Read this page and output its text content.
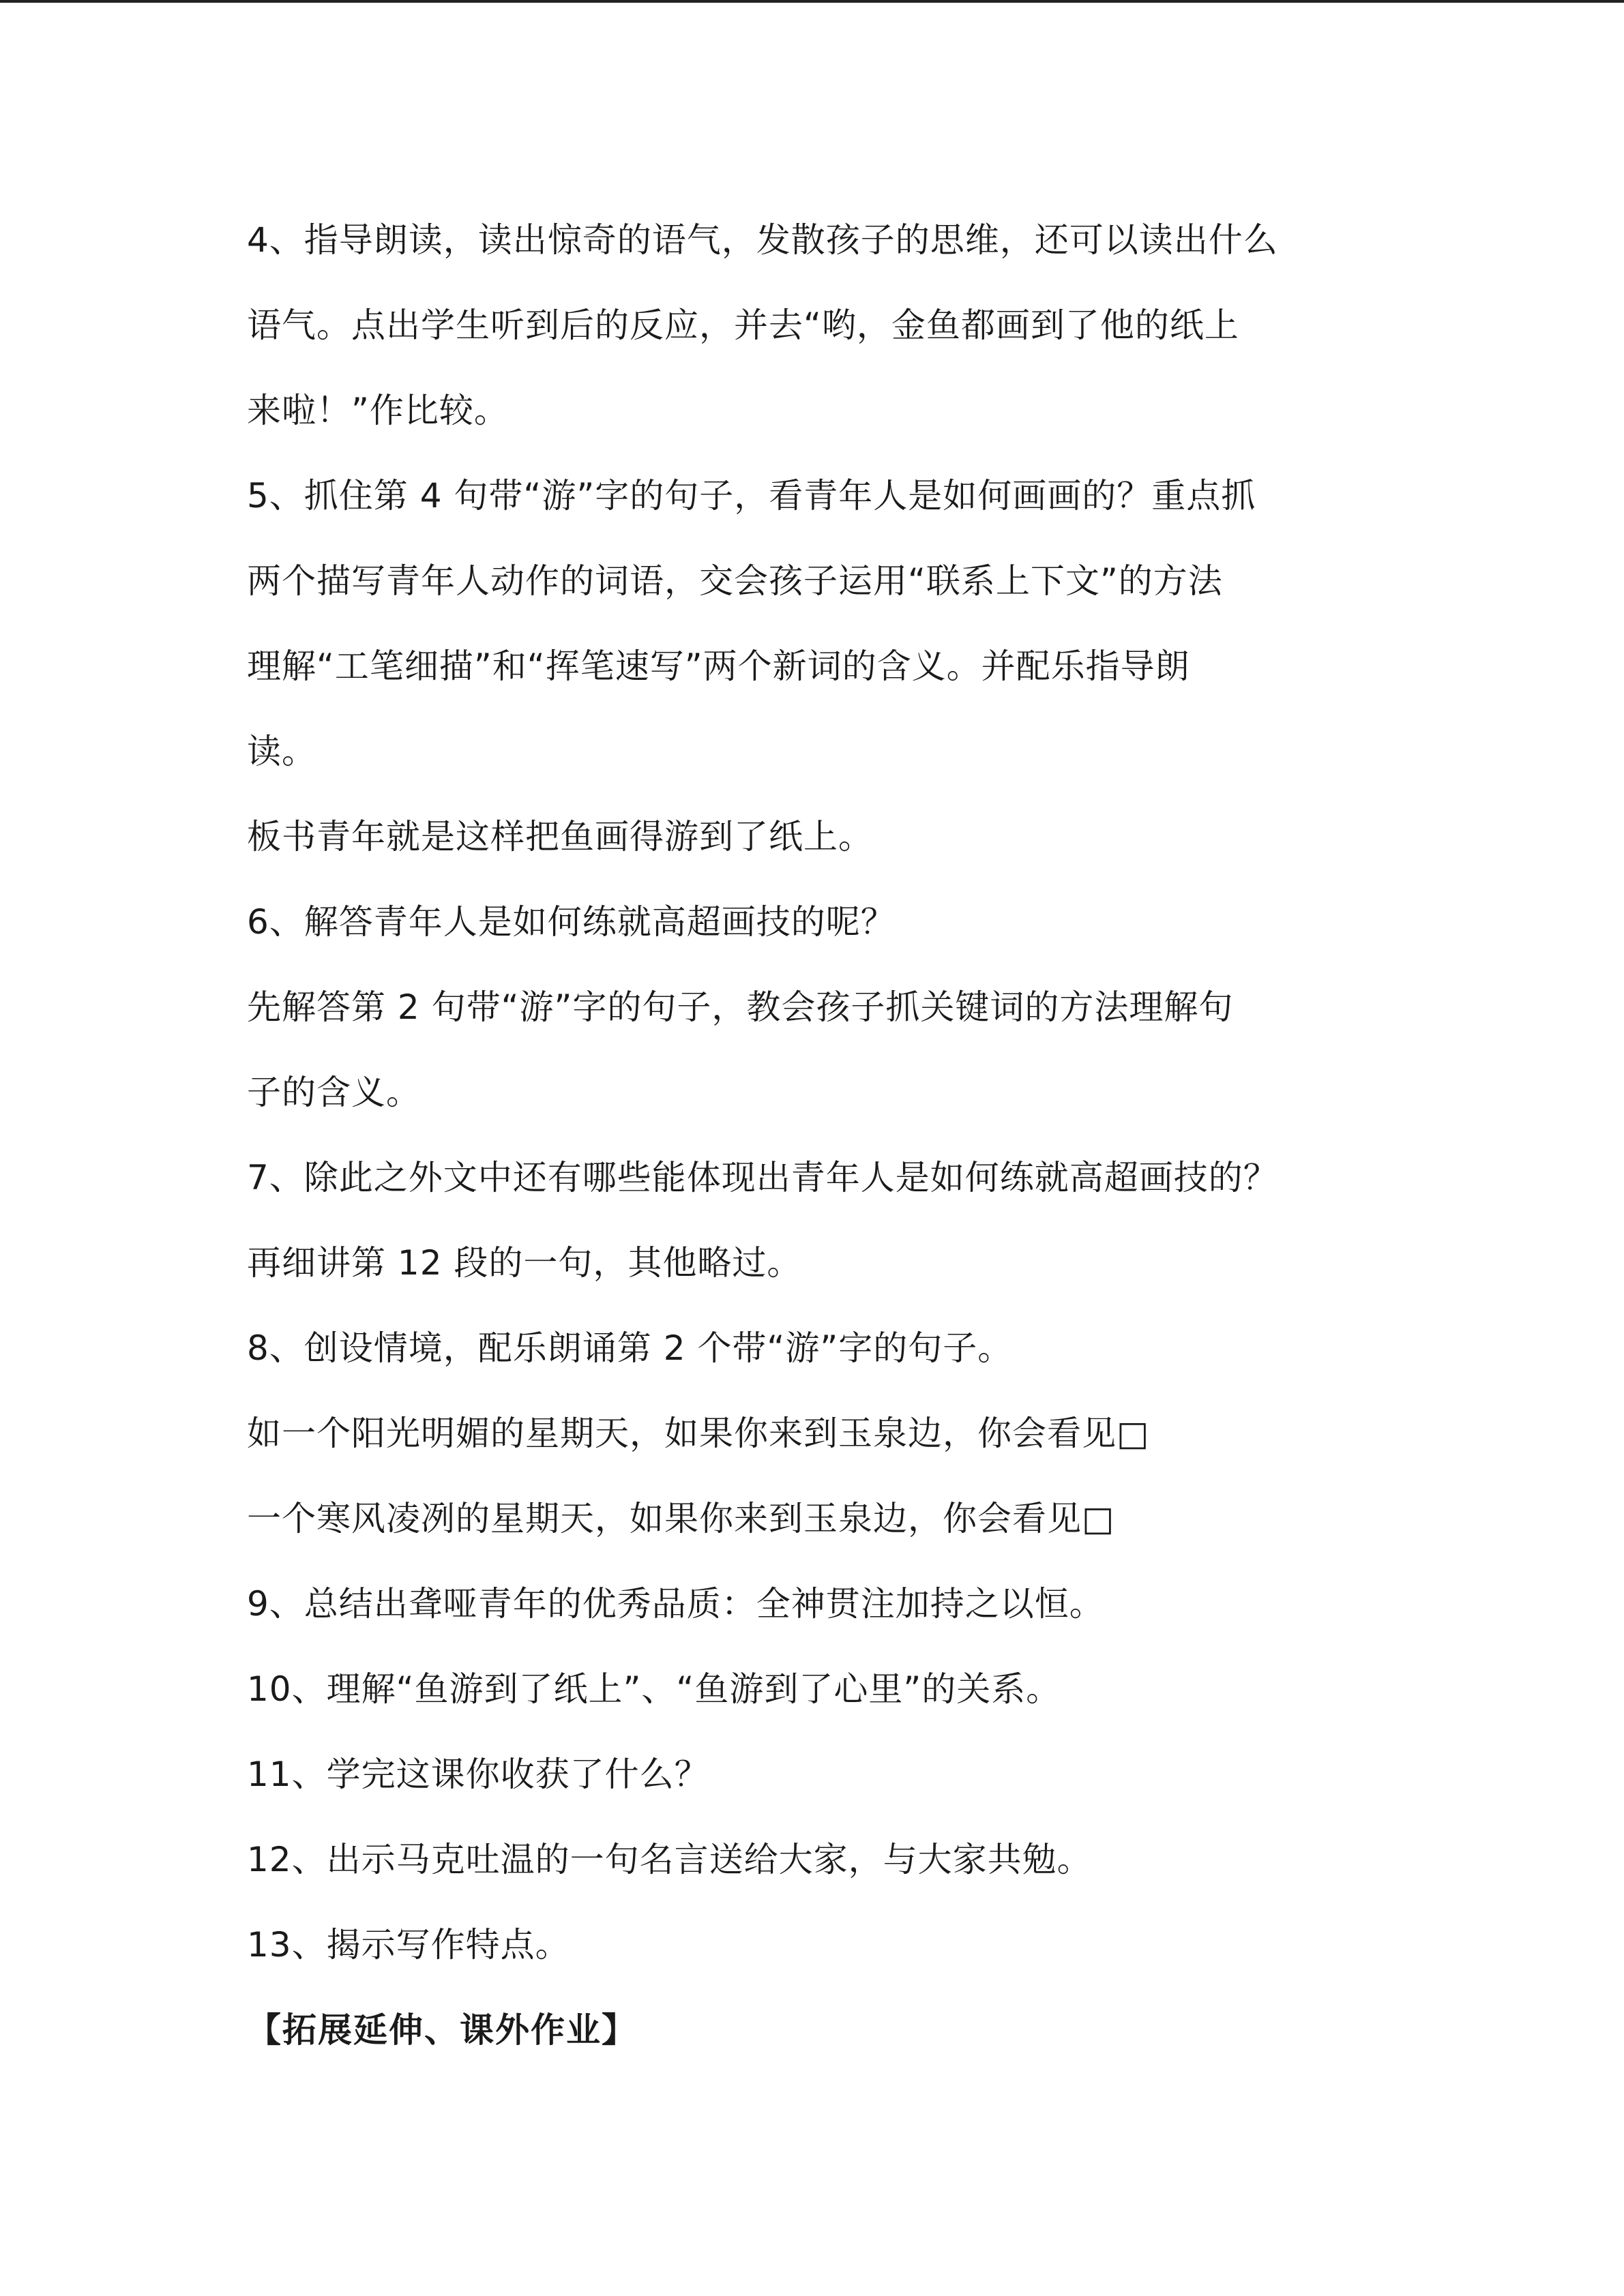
4、指导朗读，读出惊奇的语气，发散孩子的思维，还可以读出什么
语气。点出学生听到后的反应，并去“哟，金鱼都画到了他的纸上
来啦！”作比较。
5、抓住第 4 句带“游”字的句子，看青年人是如何画画的？重点抓
两个描写青年人动作的词语，交会孩子运用“联系上下文”的方法
理解“工笔细描”和“挥笔速写”两个新词的含义。并配乐指导朗
读。
板书青年就是这样把鱼画得游到了纸上。
6、解答青年人是如何练就高超画技的呢？
先解答第 2 句带“游”字的句子，教会孩子抓关键词的方法理解句
子的含义。
7、除此之外文中还有哪些能体现出青年人是如何练就高超画技的？
再细讲第 12 段的一句，其他略过。
8、创设情境，配乐朗诵第 2 个带“游”字的句子。
如一个阳光明媚的星期天，如果你来到玉泉边，你会看见□
一个寒风凌冽的星期天，如果你来到玉泉边，你会看见□
9、总结出聋哑青年的优秀品质：全神贯注加持之以恒。
10、理解“鱼游到了纸上”、“鱼游到了心里”的关系。
11、学完这课你收获了什么？
12、出示马克吐温的一句名言送给大家，与大家共勉。
13、揭示写作特点。
【拓展延伸、课外作业】
